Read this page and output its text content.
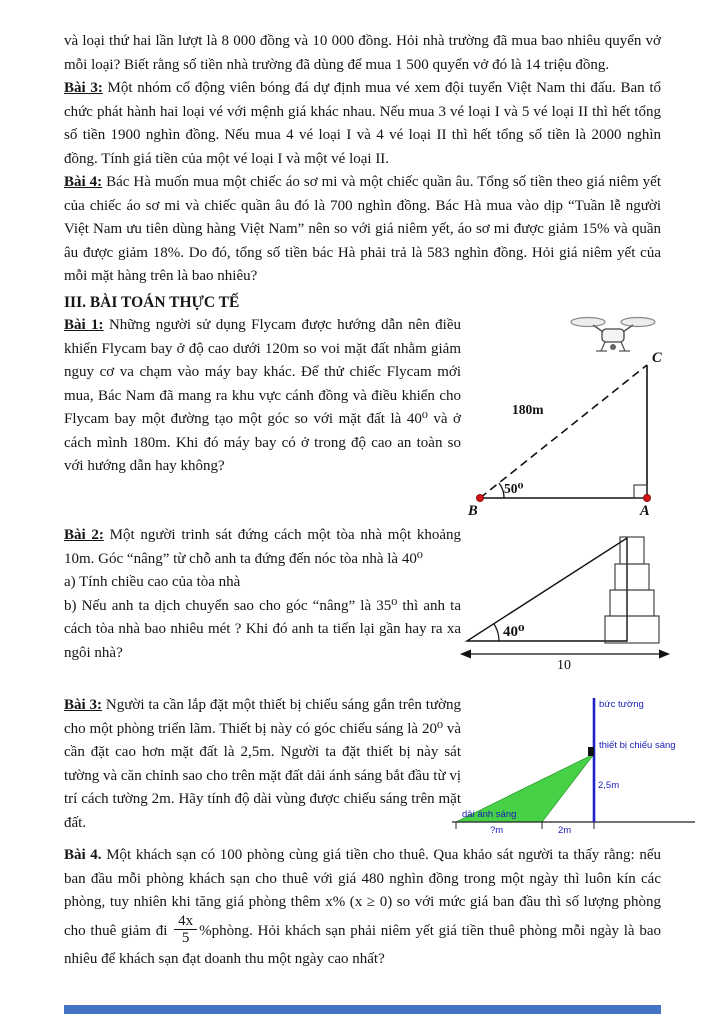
và loại thứ hai lần lượt là 8 000 đồng và 10 000 đồng. Hỏi nhà trường đã mua bao nhiêu quyển vở mỗi loại? Biết rằng số tiền nhà trường đã dùng để mua 1 500 quyển vở đó là 14 triệu đồng.

Bài 3: Một nhóm cổ động viên bóng đá dự định mua vé xem đội tuyển Việt Nam thi đấu. Ban tổ chức phát hành hai loại vé với mệnh giá khác nhau. Nếu mua 3 vé loại I và 5 vé loại II thì hết tổng số tiền 1900 nghìn đồng. Nếu mua 4 vé loại I và 4 vé loại II thì hết tổng số tiền là 2000 nghìn đồng. Tính giá tiền của một vé loại I và một vé loại II.

Bài 4: Bác Hà muốn mua một chiếc áo sơ mi và một chiếc quần âu. Tổng số tiền theo giá niêm yết của chiếc áo sơ mi và chiếc quần âu đó là 700 nghìn đồng. Bác Hà mua vào dịp “Tuần lễ người Việt Nam ưu tiên dùng hàng Việt Nam” nên so với giá niêm yết, áo sơ mi được giảm 15% và quần âu được giảm 18%. Do đó, tổng số tiền bác Hà phải trả là 583 nghìn đồng. Hỏi giá niêm yết của mỗi mặt hàng trên là bao nhiêu?

III. BÀI TOÁN THỰC TẾ
Bài 1: Những người sử dụng Flycam được hướng dẫn nên điều khiển Flycam bay ở độ cao dưới 120m so voi mặt đất nhằm giảm nguy cơ va chạm vào máy bay khác. Để thử chiếc Flycam mới mua, Bác Nam đã mang ra khu vực cánh đồng và điều khiển cho Flycam bay một đường tạo một góc so với mặt đất là 40⁰ và ở cách mình 180m. Khi đó máy bay có ở trong độ cao an toàn so với hướng dẫn hay không?
50⁰
180m
B	A
C
Bài 2: Một người trinh sát đứng cách một tòa nhà một khoảng 10m. Góc “nâng” từ chỗ anh ta đứng đến nóc tòa nhà là 40⁰
a) Tính chiều cao của tòa nhà
b) Nếu anh ta dịch chuyển sao cho góc “nâng” là 35⁰ thì anh ta cách tòa nhà bao nhiêu mét ? Khi đó anh ta tiến lại gần hay ra xa ngôi nhà?
40⁰
10
Bài 3: Người ta cần lắp đặt một thiết bị chiếu sáng gắn trên tường cho một phòng triển lãm. Thiết bị này có góc chiếu sáng là 20⁰ và cần đặt cao hơn mặt đất là 2,5m. Người ta đặt thiết bị này sát tường và căn chỉnh sao cho trên mặt đất dải ánh sáng bắt đầu từ vị trí cách tường 2m. Hãy tính độ dài vùng được chiếu sáng trên mặt đất.
bức tường
thiết bị chiếu sáng
2,5m
dải ánh sáng
?m	2m
Bài 4. Một khách sạn có 100 phòng cùng giá tiền cho thuê. Qua khảo sát người ta thấy rằng: nếu ban đầu mỗi phòng khách sạn cho thuê với giá 480 nghìn đồng trong một ngày thì luôn kín các phòng, tuy nhiên khi tăng giá phòng thêm x% (x ≥ 0) so với mức giá ban đầu thì số lượng phòng cho thuê giảm đi $\frac{4x}{5}$ %phòng. Hỏi khách sạn phải niêm yết giá tiền thuê phòng mỗi ngày là bao nhiêu để khách sạn đạt doanh thu một ngày cao nhất?
